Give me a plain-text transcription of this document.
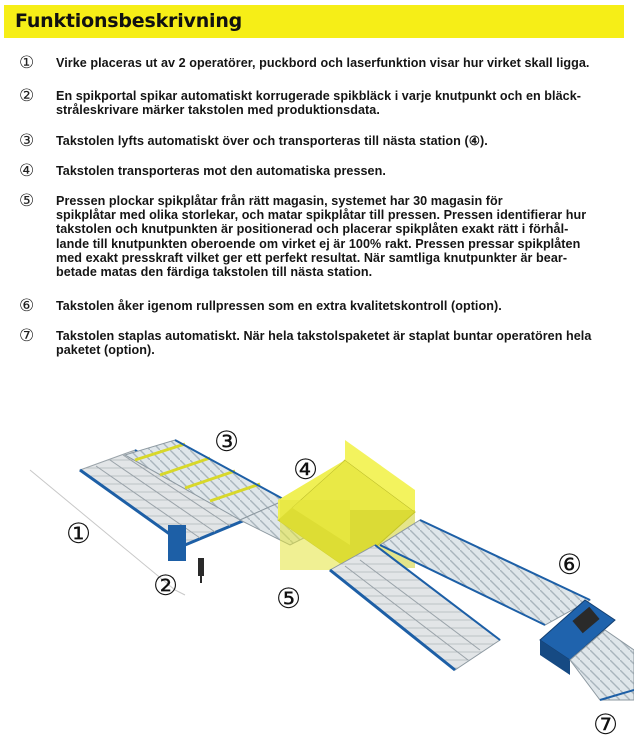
Funktionsbeskrivning
①	Virke placeras ut av 2 operatörer, puckbord och laserfunktion visar hur virket skall ligga.
②	En spikportal spikar automatiskt korrugerade spikbläck i varje knutpunkt och en bläck-
stråleskrivare märker takstolen med produktionsdata.
③	Takstolen lyfts automatiskt över och transporteras till nästa station (④).
④	Takstolen transporteras mot den automatiska pressen.
⑤	Pressen plockar spikplåtar från rätt magasin, systemet har 30 magasin för
spikplåtar med olika storlekar, och matar spikplåtar till pressen. Pressen identifierar hur
takstolen och knutpunkten är positionerad och placerar spikplåten exakt rätt i förhål-
lande till knutpunkten oberoende om virket ej är 100% rakt. Pressen pressar spikplåten
med exakt presskraft vilket ger ett perfekt resultat. När samtliga knutpunkter är bear-
betade matas den färdiga takstolen till nästa station.
⑥	Takstolen åker igenom rullpressen som en extra kvalitetskontroll (option).
⑦	Takstolen staplas automatiskt. När hela takstolspaketet är staplat buntar operatören hela
paketet (option).
①
②
③
④
⑤
⑥
⑦
